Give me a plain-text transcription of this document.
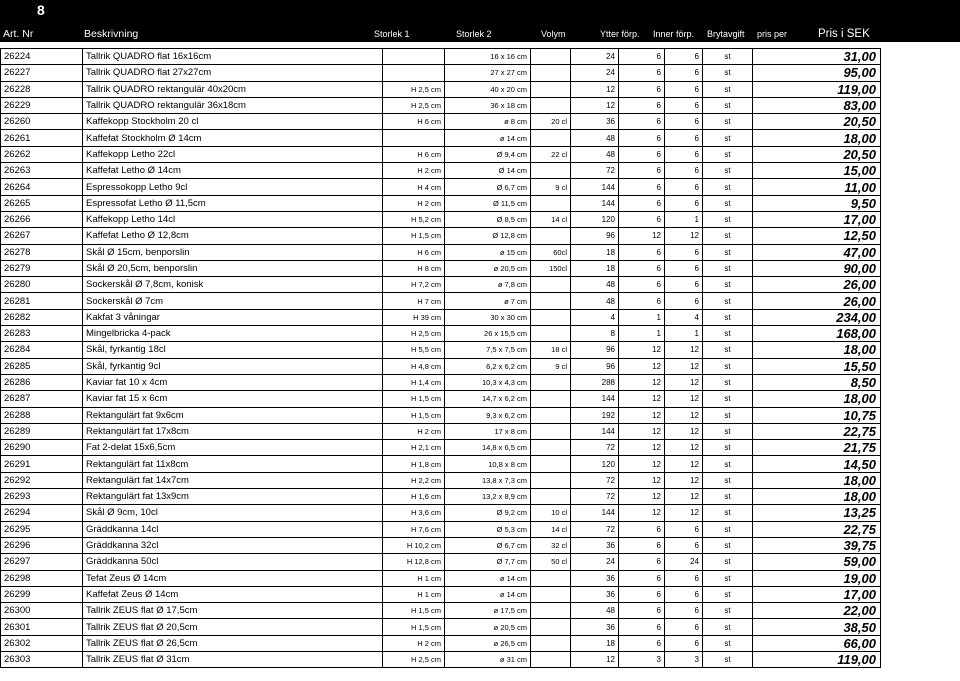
8
Art. Nr	Beskrivning	Storlek 1	Storlek 2	Volym	Ytter förp. Inner förp. Brytavgift pris per	Pris i SEK
26224	Tallrik QUADRO flat 16x16cm		16 x 16 cm		24	6	6	st	31,00
26227	Tallrik QUADRO flat 27x27cm		27 x 27 cm		24	6	6	st	95,00
26228	Tallrik QUADRO rektangulär 40x20cm	H 2,5 cm	40 x 20 cm		12	6	6	st	119,00
26229	Tallrik QUADRO rektangulär 36x18cm	H 2,5 cm	36 x 18 cm		12	6	6	st	83,00
26260	Kaffekopp Stockholm 20 cl	H 6 cm	ø 8 cm	20 cl	36	6	6	st	20,50
26261	Kaffefat Stockholm Ø 14cm		ø 14 cm		48	6	6	st	18,00
26262	Kaffekopp Letho 22cl	H 6 cm	Ø 9,4 cm	22 cl	48	6	6	st	20,50
26263	Kaffefat Letho Ø 14cm	H 2 cm	Ø 14 cm		72	6	6	st	15,00
26264	Espressokopp Letho 9cl	H 4 cm	Ø 6,7 cm	9 cl	144	6	6	st	11,00
26265	Espressofat Letho Ø 11,5cm	H 2 cm	Ø 11,5 cm		144	6	6	st	9,50
26266	Kaffekopp Letho 14cl	H 5,2 cm	Ø 8,5 cm	14 cl	120	6	1	st	17,00
26267	Kaffefat Letho Ø 12,8cm	H 1,5 cm	Ø 12,8 cm		96	12	12	st	12,50
26278	Skål Ø 15cm, benporslin	H 6 cm	ø 15 cm	60cl	18	6	6	st	47,00
26279	Skål Ø 20,5cm, benporslin	H 8 cm	ø 20,5 cm	150cl	18	6	6	st	90,00
26280	Sockerskål Ø 7,8cm, konisk	H 7,2 cm	ø 7,8 cm		48	6	6	st	26,00
26281	Sockerskål Ø 7cm	H 7 cm	ø 7 cm		48	6	6	st	26,00
26282	Kakfat 3 våningar	H 39 cm	30 x 30 cm		4	1	4	st	234,00
26283	Mingelbricka 4-pack	H 2,5 cm	26 x 15,5 cm		8	1	1	st	168,00
26284	Skål, fyrkantig 18cl	H 5,5 cm	7,5 x 7,5 cm	18 cl	96	12	12	st	18,00
26285	Skål, fyrkantig 9cl	H 4,8 cm	6,2 x 6,2 cm	9 cl	96	12	12	st	15,50
26286	Kaviar fat 10 x 4cm	H 1,4 cm	10,3 x 4,3 cm		288	12	12	st	8,50
26287	Kaviar fat 15 x 6cm	H 1,5 cm	14,7 x 6,2 cm		144	12	12	st	18,00
26288	Rektangulärt fat 9x6cm	H 1,5 cm	9,3 x 6,2 cm		192	12	12	st	10,75
26289	Rektangulärt fat 17x8cm	H 2 cm	17 x 8 cm		144	12	12	st	22,75
26290	Fat 2-delat 15x6,5cm	H 2,1 cm	14,8 x 6,5 cm		72	12	12	st	21,75
26291	Rektangulärt fat 11x8cm	H 1,8 cm	10,8 x 8 cm		120	12	12	st	14,50
26292	Rektangulärt fat 14x7cm	H 2,2 cm	13,8 x 7,3 cm		72	12	12	st	18,00
26293	Rektangulärt fat 13x9cm	H 1,6 cm	13,2 x 8,9 cm		72	12	12	st	18,00
26294	Skål Ø 9cm, 10cl	H 3,6 cm	Ø 9,2 cm	10 cl	144	12	12	st	13,25
26295	Gräddkanna 14cl	H 7,6 cm	Ø 5,3 cm	14 cl	72	6	6	st	22,75
26296	Gräddkanna 32cl	H 10,2 cm	Ø 6,7 cm	32 cl	36	6	6	st	39,75
26297	Gräddkanna 50cl	H 12,8 cm	Ø 7,7 cm	50 cl	24	6	24	st	59,00
26298	Tefat Zeus Ø 14cm	H 1 cm	ø 14 cm		36	6	6	st	19,00
26299	Kaffefat Zeus Ø 14cm	H 1 cm	ø 14 cm		36	6	6	st	17,00
26300	Tallrik ZEUS flat Ø 17,5cm	H 1,5 cm	ø 17,5 cm		48	6	6	st	22,00
26301	Tallrik ZEUS flat Ø 20,5cm	H 1,5 cm	ø 20,5 cm		36	6	6	st	38,50
26302	Tallrik ZEUS flat Ø 26,5cm	H 2 cm	ø 26,5 cm		18	6	6	st	66,00
26303	Tallrik ZEUS flat Ø 31cm	H 2,5 cm	ø 31 cm		12	3	3	st	119,00
